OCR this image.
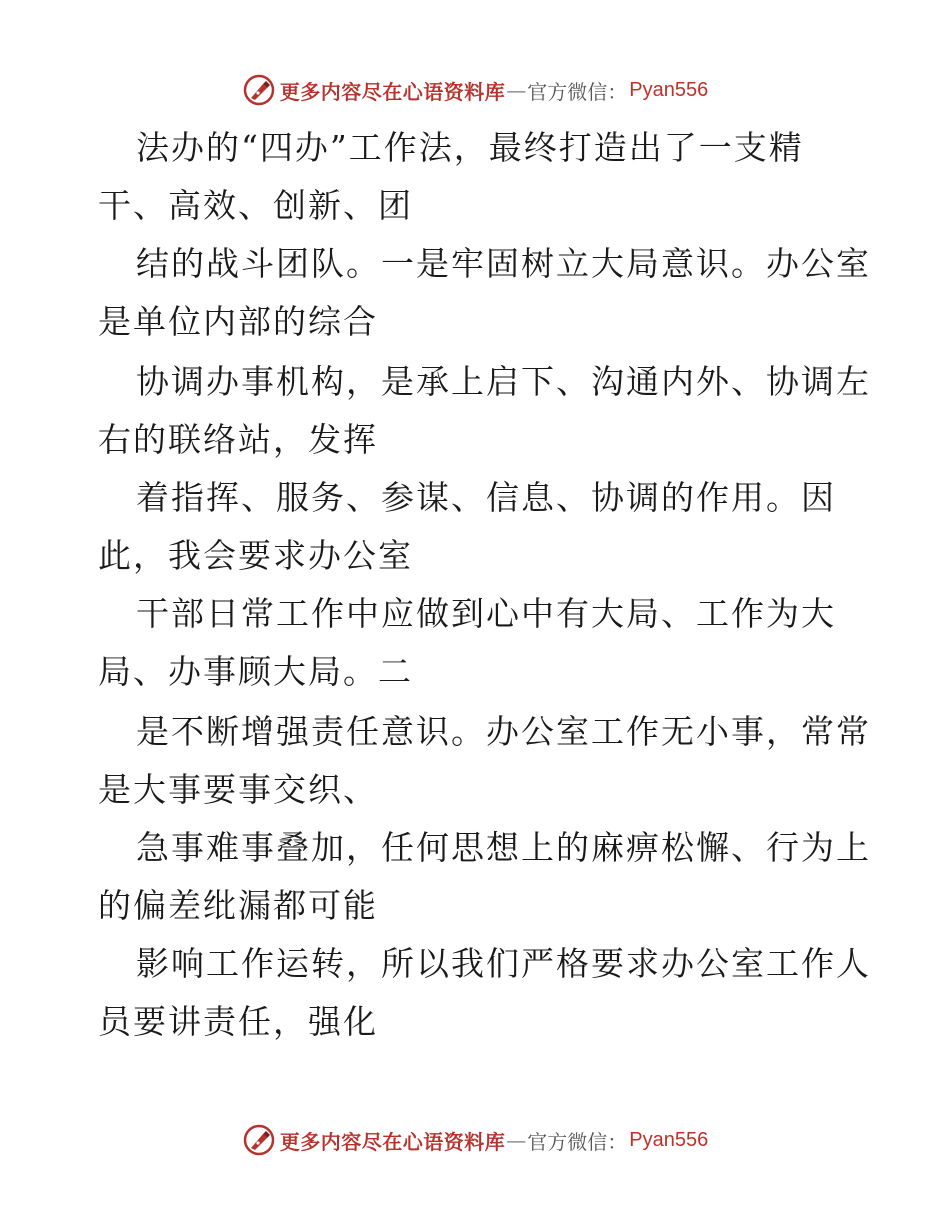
更多内容尽在心语资料库 — 官方微信： Pyan556
法办的“四办”工作法，最终打造出了一支精
干、高效、创新、团
结的战斗团队。一是牢固树立大局意识。办公室
是单位内部的综合
协调办事机构，是承上启下、沟通内外、协调左
右的联络站，发挥
着指挥、服务、参谋、信息、协调的作用。因
此，我会要求办公室
干部日常工作中应做到心中有大局、工作为大
局、办事顾大局。二
是不断增强责任意识。办公室工作无小事，常常
是大事要事交织、
急事难事叠加，任何思想上的麻痹松懈、行为上
的偏差纰漏都可能
影响工作运转，所以我们严格要求办公室工作人
员要讲责任，强化
更多内容尽在心语资料库 — 官方微信： Pyan556
